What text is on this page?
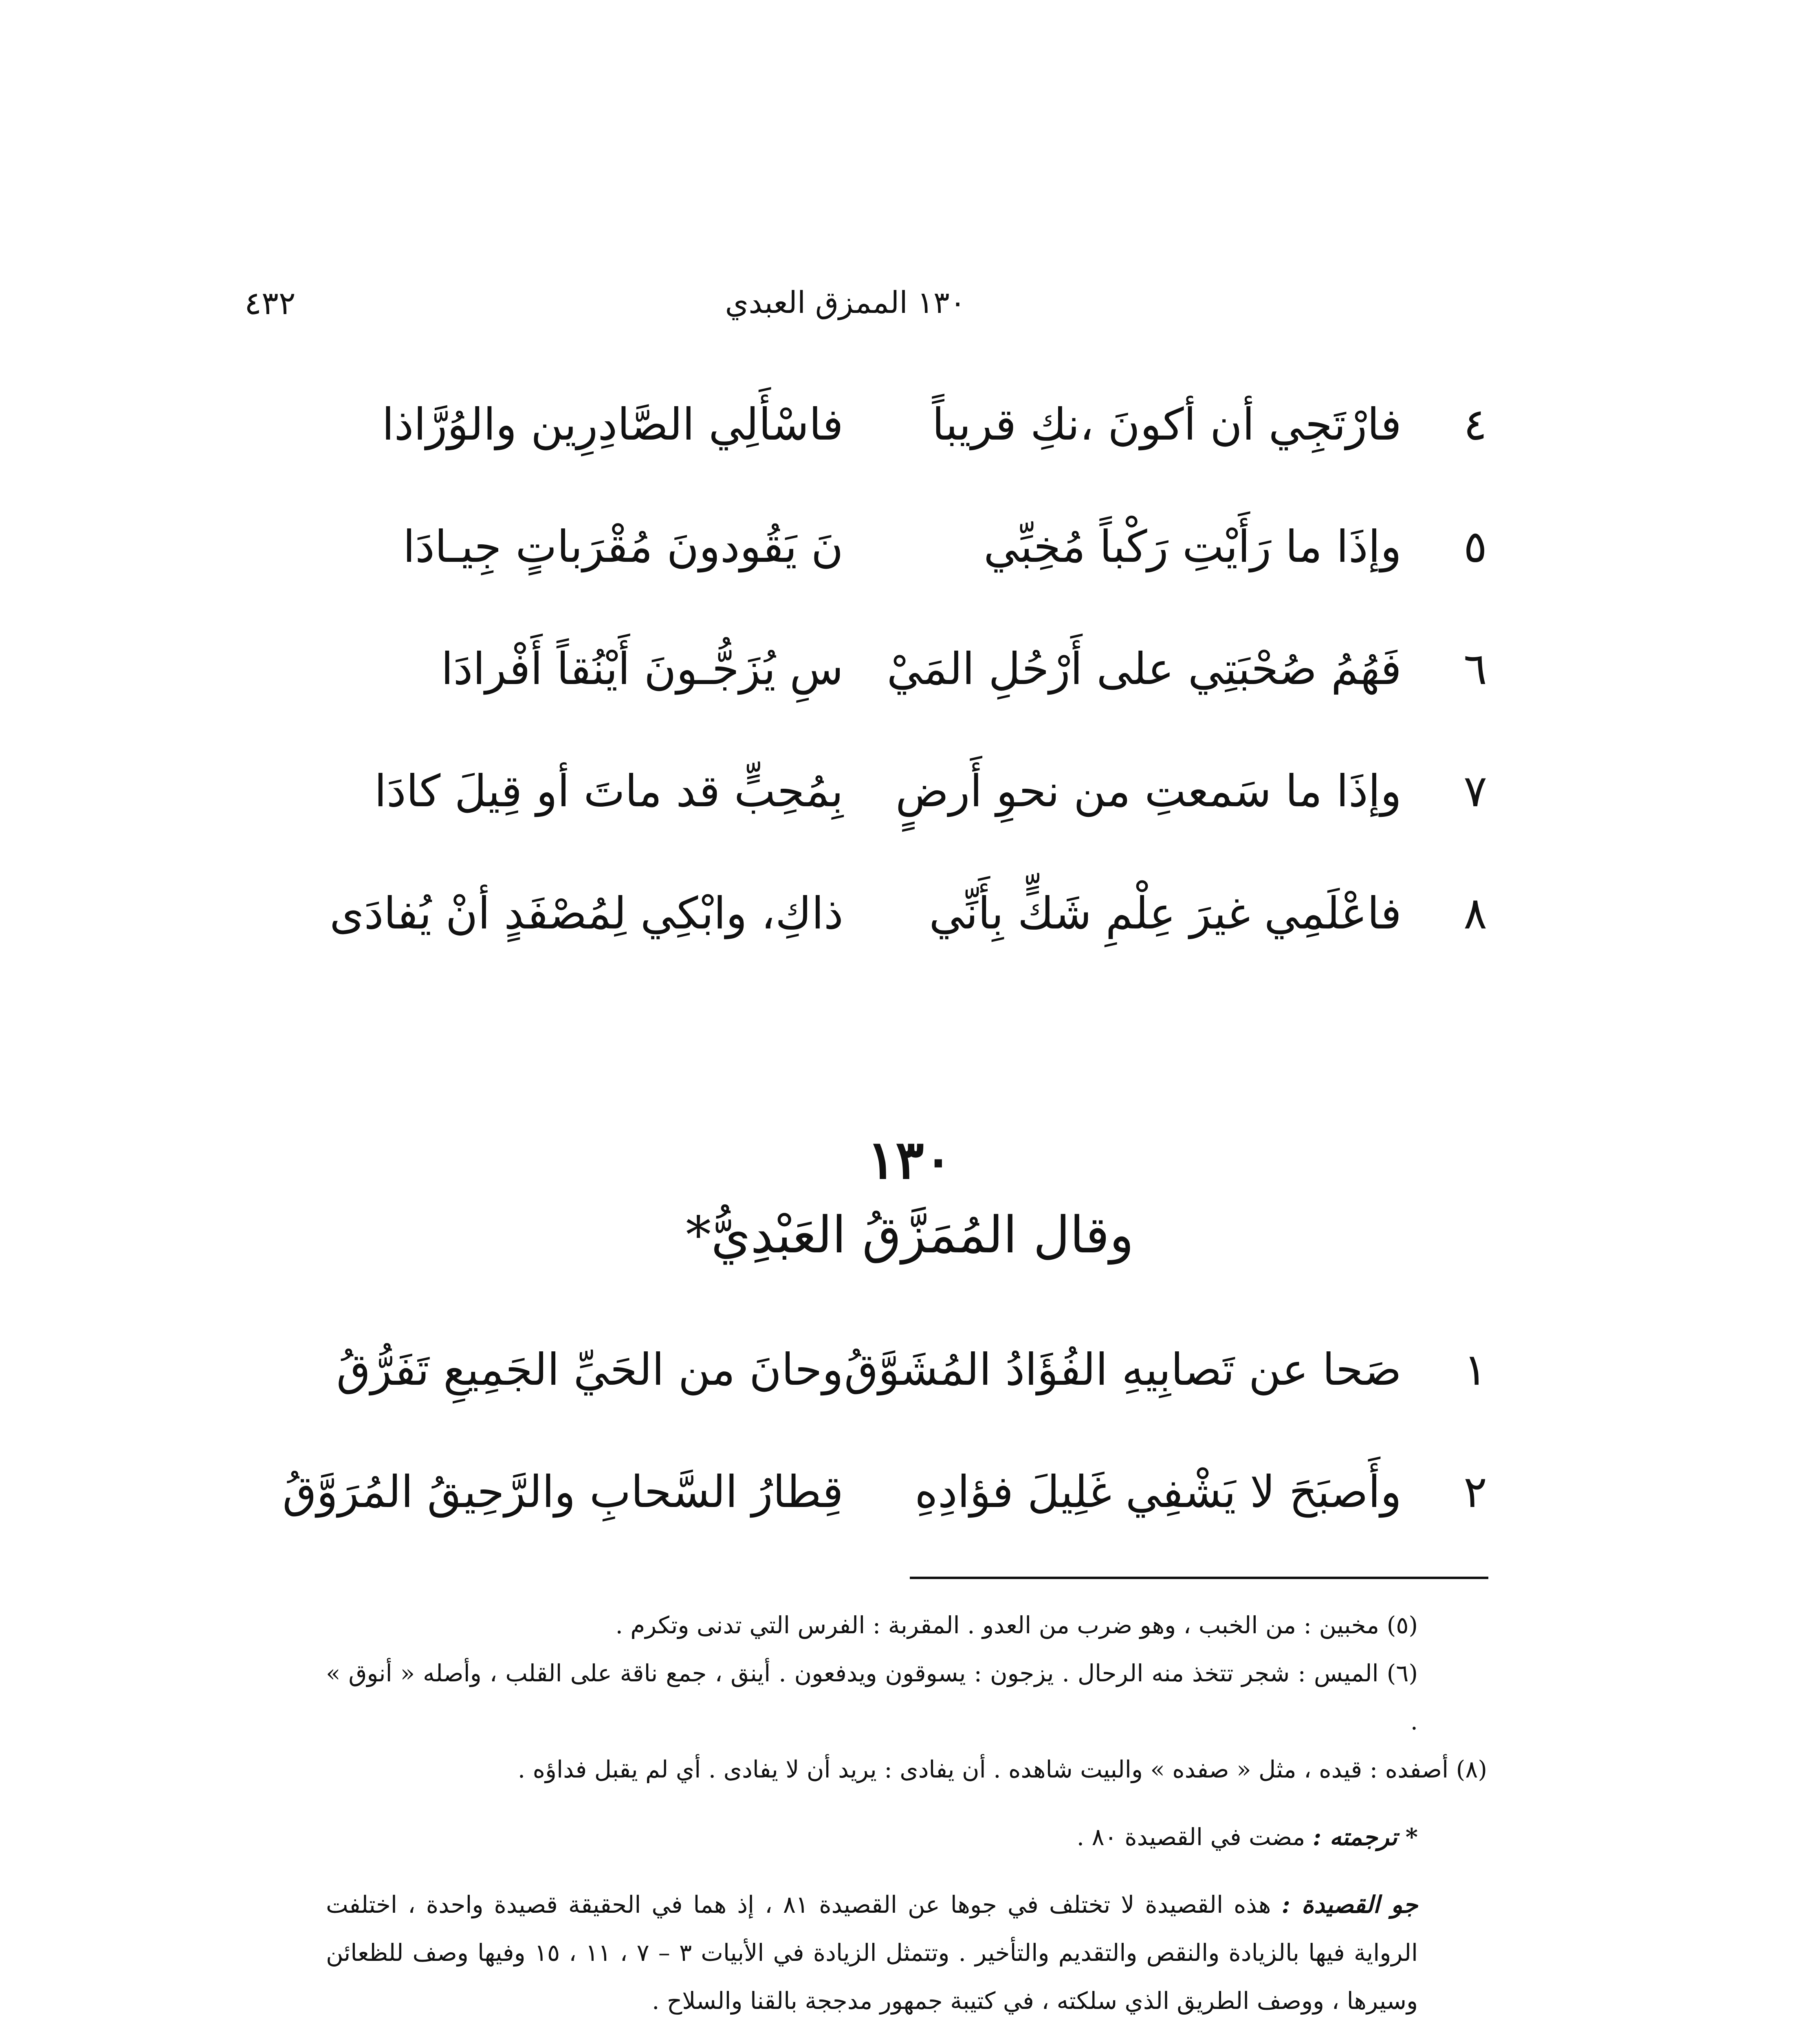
٤٣٢	١٣٠ الممزق العبدي
٤
فارْتَجِي أن أكونَ ،نكِ قريباً
فاسْأَلِي الصَّادِرِين والوُرَّاذا
٥
وإذَا ما رَأَيْتِ رَكْباً مُخِبِّي
نَ يَقُودونَ مُقْرَباتٍ جِيـادَا
٦
فَهُمُ صُحْبَتِي على أَرْحُلِ المَيْ
سِ يُزَجُّـونَ أَيْنُقاً أَفْرادَا
٧
وإذَا ما سَمعتِ من نحوِ أَرضٍ
بِمُحِبٍّ قد ماتَ أو قِيلَ كادَا
٨
فاعْلَمِي غيرَ عِلْمِ شَكٍّ بِأَنِّي
ذاكِ، وابْكِي لِمُصْفَدٍ أنْ يُفادَى
١٣٠
وقال المُمَزَّقُ العَبْدِيُّ*
١
صَحا عن تَصابِيهِ الفُؤَادُ المُشَوَّقُ
وحانَ من الحَيِّ الجَمِيعِ تَفَرُّقُ
٢
وأَصبَحَ لا يَشْفِي غَلِيلَ فؤادِهِ
قِطارُ السَّحابِ والرَّحِيقُ المُرَوَّقُ

(٥) مخبين : من الخبب ، وهو ضرب من العدو . المقربة : الفرس التي تدنى وتكرم .

(٦) الميس : شجر تتخذ منه الرحال . يزجون : يسوقون ويدفعون . أينق ، جمع ناقة على القلب ، وأصله « أنوق » .

(٨) أصفده : قيده ، مثل « صفده » والبيت شاهده . أن يفادى : يريد أن لا يفادى . أي لم يقبل فداؤه .

* ترجمته : مضت في القصيدة ٨٠ .

جو القصيدة : هذه القصيدة لا تختلف في جوها عن القصيدة ٨١ ، إذ هما في الحقيقة قصيدة واحدة ، اختلفت الرواية فيها بالزيادة والنقص والتقديم والتأخير . وتتمثل الزيادة في الأبيات ٣ – ٧ ، ١١ ، ١٥ وفيها وصف للظعائن وسيرها ، ووصف الطريق الذي سلكته ، في كتيبة جمهور مدججة بالقنا والسلاح .
